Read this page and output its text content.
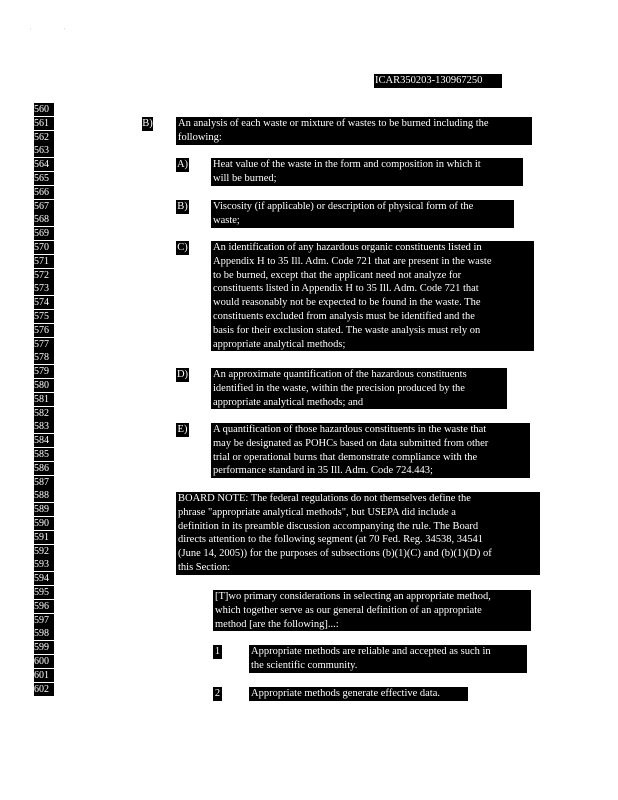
ICAR350203-130967250
'	'
560
561
562
563
564
565
566
567
568
569
570
571
572
573
574
575
576
577
578
579
580
581
582
583
584
585
586
587
588
589
590
591
592
593
594
595
596
597
598
599
600
601
602
B) An analysis of each waste or mixture of wastes to be burned including the
following:
A) Heat value of the waste in the form and composition in which it
will be burned;
B) Viscosity (if applicable) or description of physical form of the
waste;
C) An identification of any hazardous organic constituents listed in
Appendix H to 35 Ill. Adm. Code 721 that are present in the waste
to be burned, except that the applicant need not analyze for
constituents listed in Appendix H to 35 Ill. Adm. Code 721 that
would reasonably not be expected to be found in the waste. The
constituents excluded from analysis must be identified and the
basis for their exclusion stated. The waste analysis must rely on
appropriate analytical methods;
D) An approximate quantification of the hazardous constituents
identified in the waste, within the precision produced by the
appropriate analytical methods; and
E) A quantification of those hazardous constituents in the waste that
may be designated as POHCs based on data submitted from other
trial or operational burns that demonstrate compliance with the
performance standard in 35 Ill. Adm. Code 724.443;
BOARD NOTE: The federal regulations do not themselves define the
phrase "appropriate analytical methods", but USEPA did include a
definition in its preamble discussion accompanying the rule. The Board
directs attention to the following segment (at 70 Fed. Reg. 34538, 34541
(June 14, 2005)) for the purposes of subsections (b)(1)(C) and (b)(1)(D) of
this Section:
[T]wo primary considerations in selecting an appropriate method,
which together serve as our general definition of an appropriate
method [are the following]...:
1	Appropriate methods are reliable and accepted as such in
the scientific community.
2	Appropriate methods generate effective data.
